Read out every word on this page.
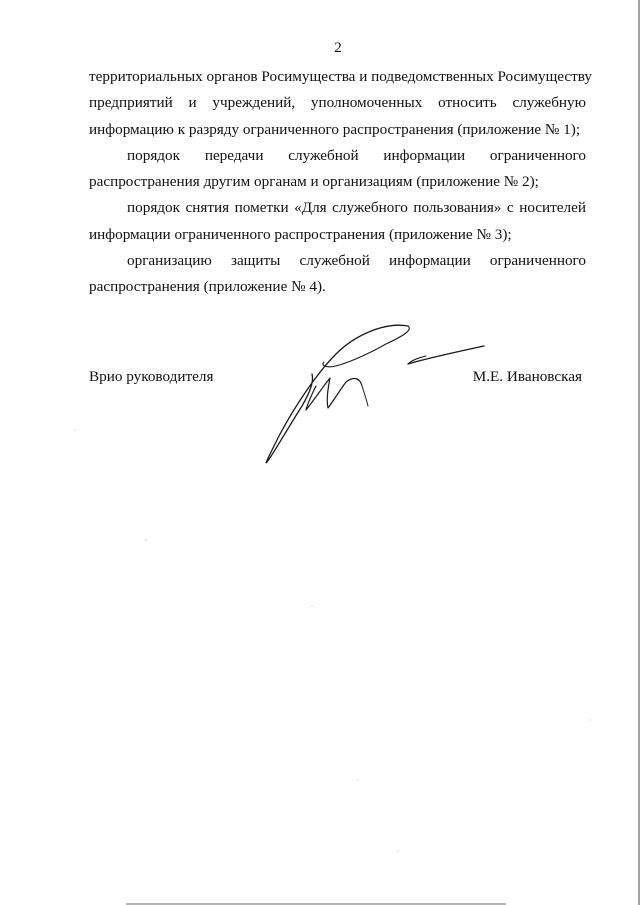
2

территориальных органов Росимущества и подведомственных Росимуществу
предприятий и учреждений, уполномоченных относить служебную
информацию к разряду ограниченного распространения (приложение № 1);

порядок передачи служебной информации ограниченного
распространения другим органам и организациям (приложение № 2);

порядок снятия пометки «Для служебного пользования» с носителей
информации ограниченного распространения (приложение № 3);

организацию защиты служебной информации ограниченного
распространения (приложение № 4).

Врио руководителя	М.Е. Ивановская
